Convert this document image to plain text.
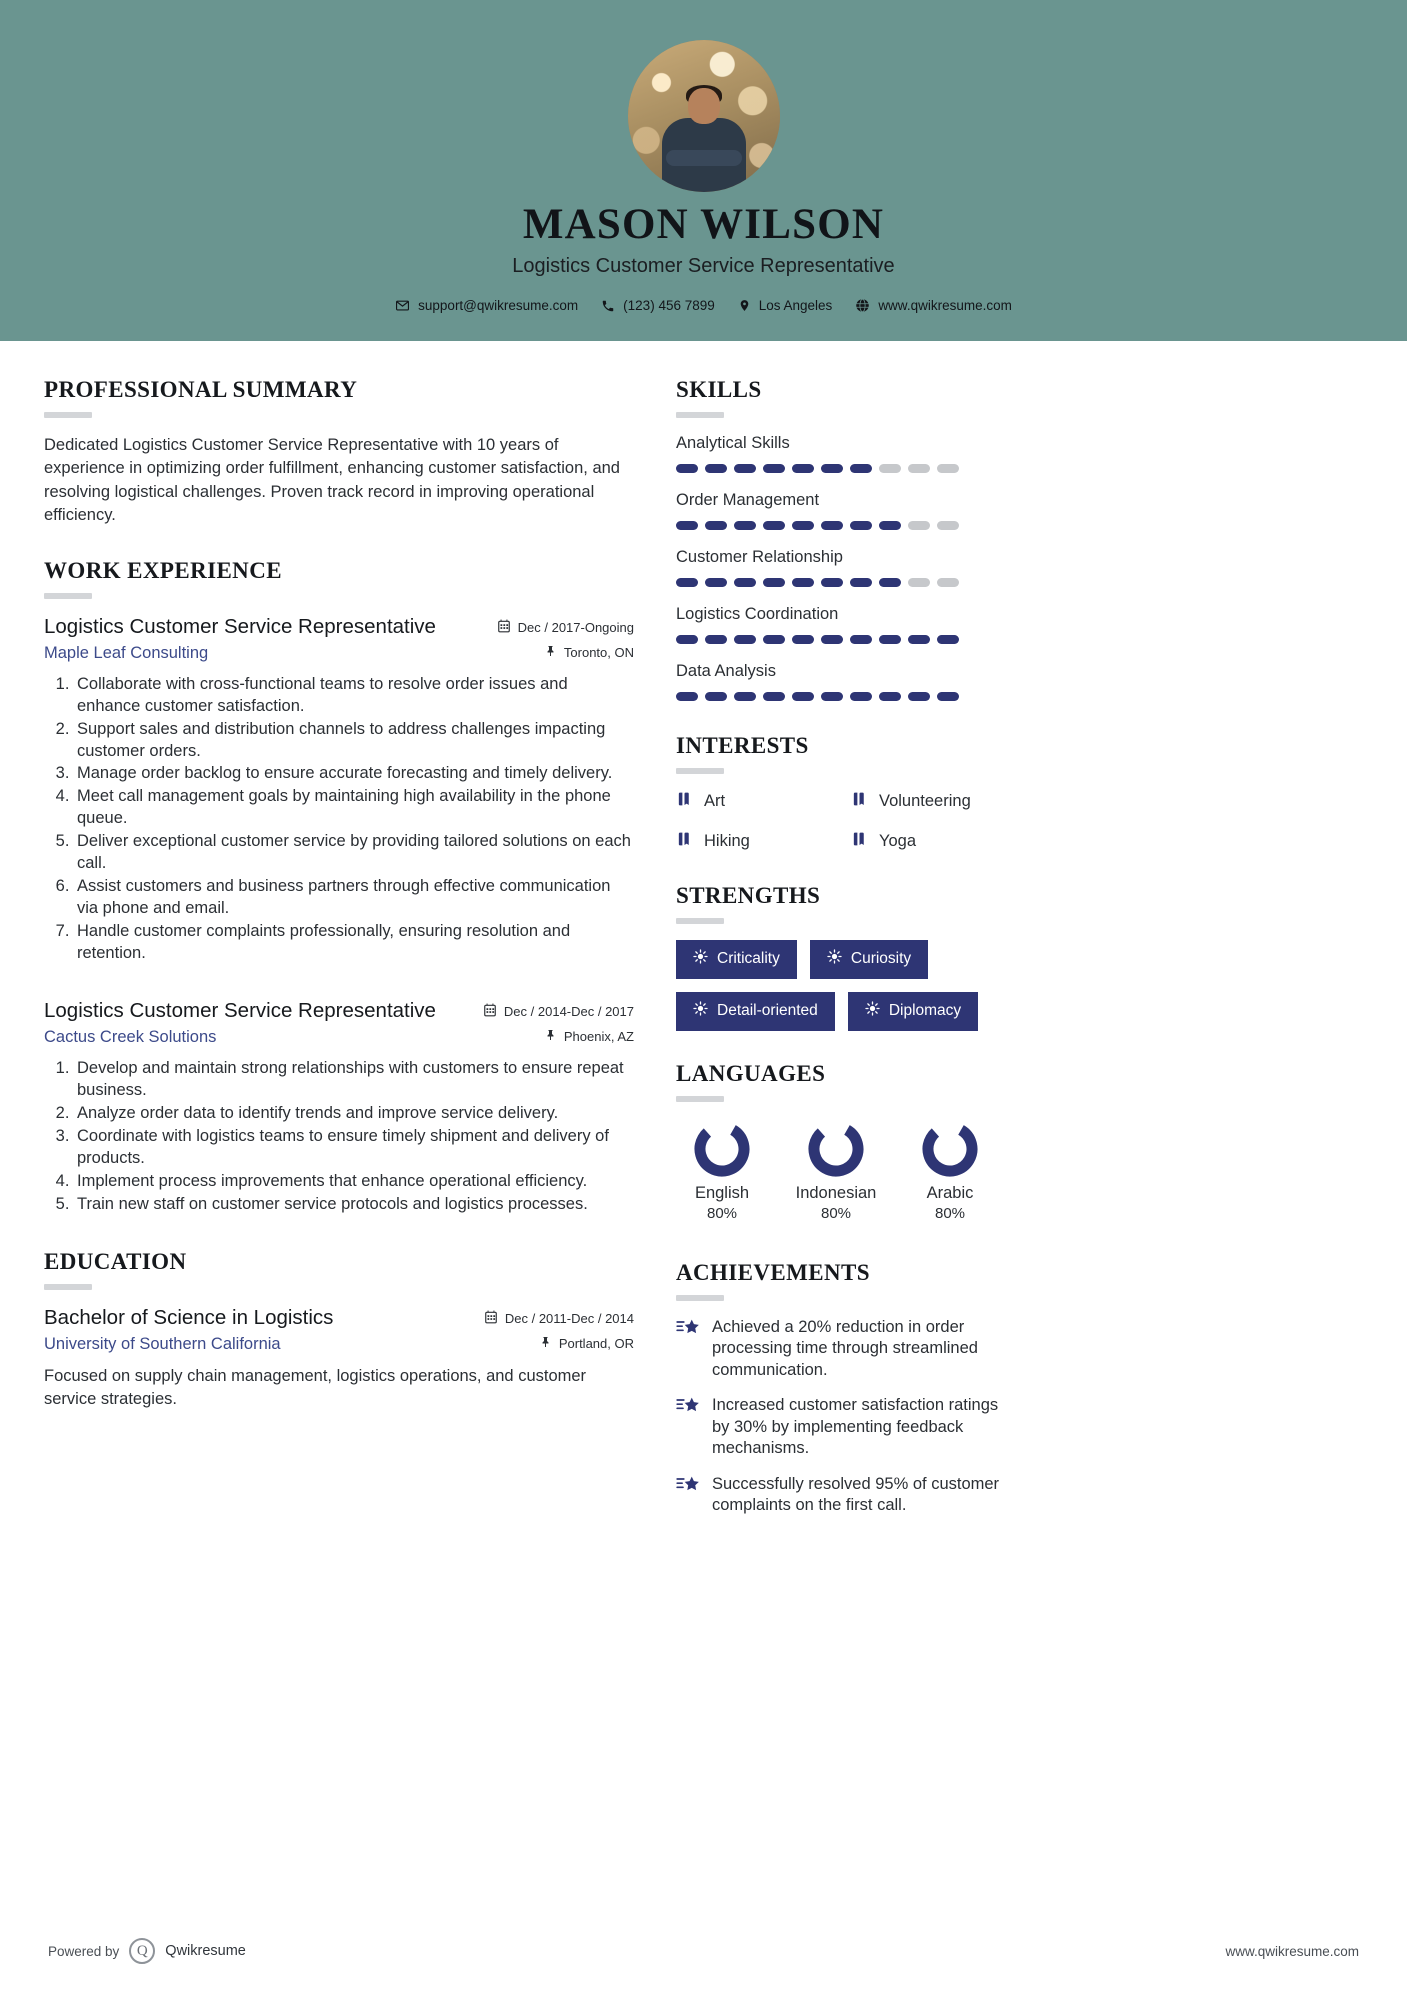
MASON WILSON
Logistics Customer Service Representative
support@qwikresume.com	(123) 456 7899	Los Angeles	www.qwikresume.com
PROFESSIONAL SUMMARY
Dedicated Logistics Customer Service Representative with 10 years of experience in optimizing order fulfillment, enhancing customer satisfaction, and resolving logistical challenges. Proven track record in improving operational efficiency.
WORK EXPERIENCE
Logistics Customer Service Representative	Dec / 2017-Ongoing
Maple Leaf Consulting	Toronto, ON
1. Collaborate with cross-functional teams to resolve order issues and enhance customer satisfaction.
2. Support sales and distribution channels to address challenges impacting customer orders.
3. Manage order backlog to ensure accurate forecasting and timely delivery.
4. Meet call management goals by maintaining high availability in the phone queue.
5. Deliver exceptional customer service by providing tailored solutions on each call.
6. Assist customers and business partners through effective communication via phone and email.
7. Handle customer complaints professionally, ensuring resolution and retention.
Logistics Customer Service Representative	Dec / 2014-Dec / 2017
Cactus Creek Solutions	Phoenix, AZ
1. Develop and maintain strong relationships with customers to ensure repeat business.
2. Analyze order data to identify trends and improve service delivery.
3. Coordinate with logistics teams to ensure timely shipment and delivery of products.
4. Implement process improvements that enhance operational efficiency.
5. Train new staff on customer service protocols and logistics processes.
EDUCATION
Bachelor of Science in Logistics	Dec / 2011-Dec / 2014
University of Southern California	Portland, OR
Focused on supply chain management, logistics operations, and customer service strategies.
SKILLS
Analytical Skills
Order Management
Customer Relationship
Logistics Coordination
Data Analysis
INTERESTS
Art	Volunteering
Hiking	Yoga
STRENGTHS
Criticality	Curiosity
Detail-oriented	Diplomacy
LANGUAGES
English
80%
Indonesian
80%
Arabic
80%
ACHIEVEMENTS
Achieved a 20% reduction in order processing time through streamlined communication.
Increased customer satisfaction ratings by 30% by implementing feedback mechanisms.
Successfully resolved 95% of customer complaints on the first call.
Powered by	Q	Qwikresume	www.qwikresume.com
